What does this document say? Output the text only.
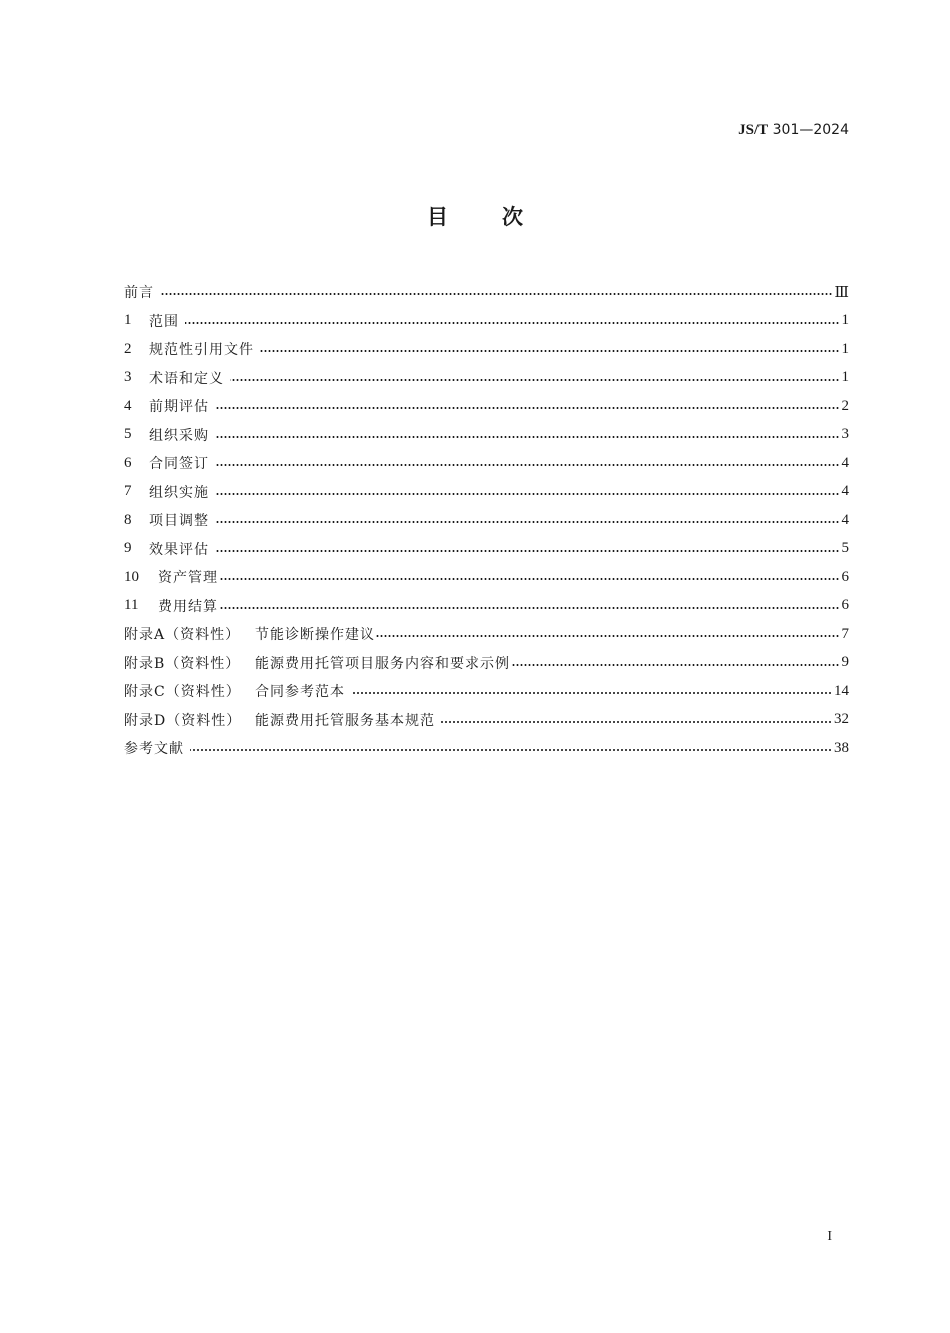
JS/T 301—2024
目次
前言	Ⅲ
1	范围	1
2	规范性引用文件	1
3	术语和定义	1
4	前期评估	2
5	组织采购	3
6	合同签订	4
7	组织实施	4
8	项目调整	4
9	效果评估	5
10	资产管理	6
11	费用结算	6
附录A（资料性）	节能诊断操作建议	7
附录B（资料性）	能源费用托管项目服务内容和要求示例	9
附录C（资料性）	合同参考范本	14
附录D（资料性） 能源费用托管服务基本规范	32
参考文献	38
I
